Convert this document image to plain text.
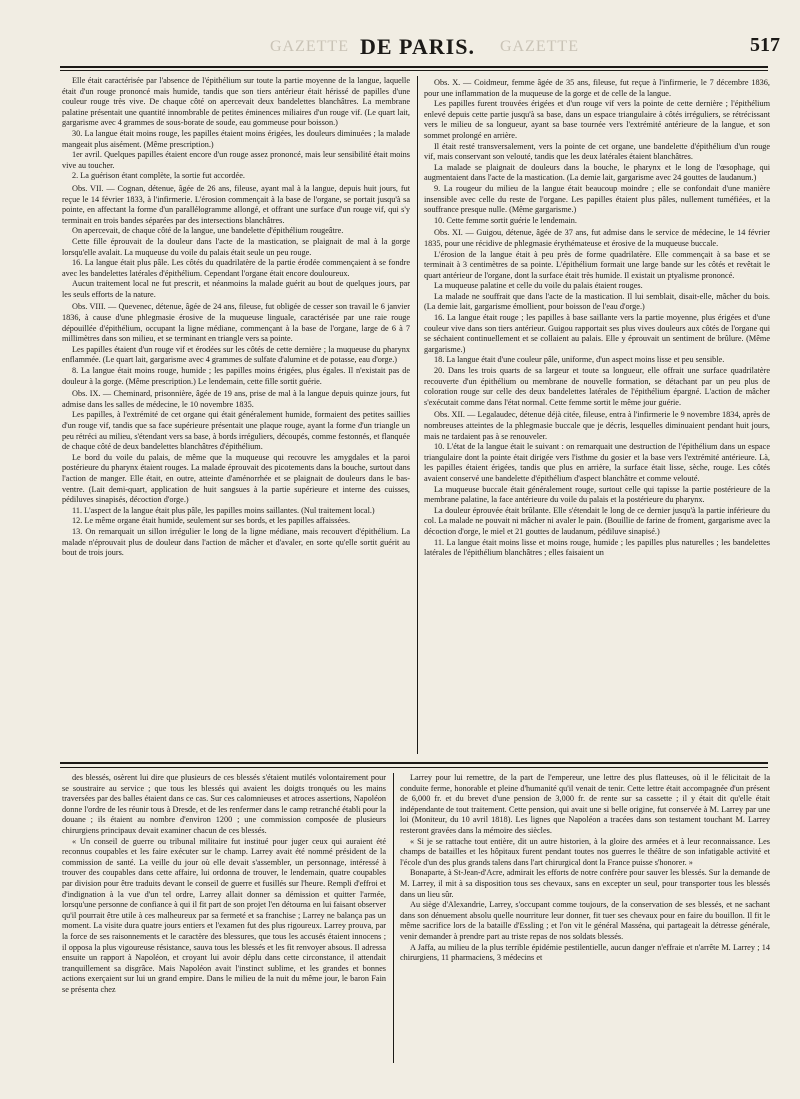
GAZETTE DE PARIS. GAZETTE	517

Elle était caractérisée par l'absence de l'épithélium sur toute la partie moyenne de la langue, laquelle était d'un rouge prononcé mais humide, tandis que son tiers antérieur était hérissé de papilles d'une couleur rouge très vive. De chaque côté on apercevait deux bandelettes blanchâtres. La membrane palatine présentait une quantité innombrable de petites éminences miliaires d'un rouge vif. (Le quart lait, gargarisme avec 4 grammes de sous-borate de soude, eau gommeuse pour boisson.)

30. La langue était moins rouge, les papilles étaient moins érigées, les douleurs diminuées ; la malade mangeait plus aisément. (Même prescription.)

1er avril. Quelques papilles étaient encore d'un rouge assez prononcé, mais leur sensibilité était moins vive au toucher.

2. La guérison étant complète, la sortie fut accordée.

Obs. VII. — Cognan, détenue, âgée de 26 ans, fileuse, ayant mal à la langue, depuis huit jours, fut reçue le 14 février 1833, à l'infirmerie. L'érosion commençait à la base de l'organe, se portait jusqu'à sa pointe, en affectant la forme d'un parallélogramme allongé, et offrant une surface d'un rouge vif, qui s'y terminait en trois bandes séparées par des intersections blanchâtres.

On apercevait, de chaque côté de la langue, une bandelette d'épithélium rougeâtre.

Cette fille éprouvait de la douleur dans l'acte de la mastication, se plaignait de mal à la gorge lorsqu'elle avalait. La muqueuse du voile du palais était seule un peu rouge.

16. La langue était plus pâle. Les côtés du quadrilatère de la partie érodée commençaient à se fondre avec les bandelettes latérales d'épithélium. Cependant l'organe était encore douloureux.

Aucun traitement local ne fut prescrit, et néanmoins la malade guérit au bout de quelques jours, par les seuls efforts de la nature.

Obs. VIII. — Quevenec, détenue, âgée de 24 ans, fileuse, fut obligée de cesser son travail le 6 janvier 1836, à cause d'une phlegmasie érosive de la muqueuse linguale, caractérisée par une raie rouge dépouillée d'épithélium, occupant la ligne médiane, commençant à la base de l'organe, large de 6 à 7 millimètres dans son milieu, et se terminant en triangle vers sa pointe.

Les papilles étaient d'un rouge vif et érodées sur les côtés de cette dernière ; la muqueuse du pharynx enflammée. (Le quart lait, gargarisme avec 4 grammes de sulfate d'alumine et de potasse, eau d'orge.)

8. La langue était moins rouge, humide ; les papilles moins érigées, plus égales. Il n'existait pas de douleur à la gorge. (Même prescription.) Le lendemain, cette fille sortit guérie.

Obs. IX. — Cheminard, prisonnière, âgée de 19 ans, prise de mal à la langue depuis quinze jours, fut admise dans les salles de médecine, le 10 novembre 1835.

Les papilles, à l'extrémité de cet organe qui était généralement humide, formaient des petites saillies d'un rouge vif, tandis que sa face supérieure présentait une plaque rouge, ayant la forme d'un triangle un peu rétréci au milieu, s'étendant vers sa base, à bords irréguliers, découpés, comme festonnés, et flanquée de chaque côté de deux bandelettes blanchâtres d'épithélium.

Le bord du voile du palais, de même que la muqueuse qui recouvre les amygdales et la paroi postérieure du pharynx étaient rouges. La malade éprouvait des picotements dans la bouche, surtout dans l'action de manger. Elle était, en outre, atteinte d'aménorrhée et se plaignait de douleurs dans le bas-ventre. (Lait demi-quart, application de huit sangsues à la partie supérieure et interne des cuisses, pédiluves sinapisés, décoction d'orge.)

11. L'aspect de la langue était plus pâle, les papilles moins saillantes. (Nul traitement local.)

12. Le même organe était humide, seulement sur ses bords, et les papilles affaissées.

13. On remarquait un sillon irrégulier le long de la ligne médiane, mais recouvert d'épithélium. La malade n'éprouvait plus de douleur dans l'action de mâcher et d'avaler, en sorte qu'elle sortit guérit au bout de trois jours.

Obs. X. — Coidmeur, femme âgée de 35 ans, fileuse, fut reçue à l'infirmerie, le 7 décembre 1836, pour une inflammation de la muqueuse de la gorge et de celle de la langue.

Les papilles furent trouvées érigées et d'un rouge vif vers la pointe de cette dernière ; l'épithélium enlevé depuis cette partie jusqu'à sa base, dans un espace triangulaire à côtés irréguliers, se rétrécissant vers le milieu de sa longueur, ayant sa base tournée vers l'extrémité antérieure de la langue, et son sommet prolongé en arrière.

Il était resté transversalement, vers la pointe de cet organe, une bandelette d'épithélium d'un rouge vif, mais conservant son velouté, tandis que les deux latérales étaient blanchâtres.

La malade se plaignait de douleurs dans la bouche, le pharynx et le long de l'œsophage, qui augmentaient dans l'acte de la mastication. (La demie lait, gargarisme avec 24 gouttes de laudanum.)

9. La rougeur du milieu de la langue était beaucoup moindre ; elle se confondait d'une manière insensible avec celle du reste de l'organe. Les papilles étaient plus pâles, nullement tuméfiées, et la souffrance presque nulle. (Même gargarisme.)

10. Cette femme sortit guérie le lendemain.

Obs. XI. — Guigou, détenue, âgée de 37 ans, fut admise dans le service de médecine, le 14 février 1835, pour une récidive de phlegmasie érythémateuse et érosive de la muqueuse buccale.

L'érosion de la langue était à peu près de forme quadrilatère. Elle commençait à sa base et se terminait à 3 centimètres de sa pointe. L'épithélium formait une large bande sur les côtés et revêtait le quart antérieur de l'organe, dont la surface était très humide. Il existait un ptyalisme prononcé.

La muqueuse palatine et celle du voile du palais étaient rouges.

La malade ne souffrait que dans l'acte de la mastication. Il lui semblait, disait-elle, mâcher du bois. (La demie lait, gargarisme émollient, pour boisson de l'eau d'orge.)

16. La langue était rouge ; les papilles à base saillante vers la partie moyenne, plus érigées et d'une couleur vive dans son tiers antérieur. Guigou rapportait ses plus vives douleurs aux côtés de l'organe qui se séchaient continuellement et se collaient au palais. Elle y éprouvait un sentiment de brûlure. (Même gargarisme.)

18. La langue était d'une couleur pâle, uniforme, d'un aspect moins lisse et peu sensible.

20. Dans les trois quarts de sa largeur et toute sa longueur, elle offrait une surface quadrilatère recouverte d'un épithélium ou membrane de nouvelle formation, se détachant par un peu plus de coloration rouge sur celle des deux bandelettes latérales de l'épithélium épargné. L'action de mâcher s'exécutait comme dans l'état normal. Cette femme sortit le même jour guérie.

Obs. XII. — Legalaudec, détenue déjà citée, fileuse, entra à l'infirmerie le 9 novembre 1834, après de nombreuses atteintes de la phlegmasie buccale que je décris, lesquelles diminuaient pendant huit jours, mais ne tardaient pas à se renouveler.

10. L'état de la langue était le suivant : on remarquait une destruction de l'épithélium dans un espace triangulaire dont la pointe était dirigée vers l'isthme du gosier et la base vers l'extrémité antérieure. Là, les papilles étaient érigées, tandis que plus en arrière, la surface était lisse, sèche, rouge. Les côtés avaient conservé une bandelette d'épithélium d'aspect blanchâtre et comme velouté.

La muqueuse buccale était généralement rouge, surtout celle qui tapisse la partie postérieure de la membrane palatine, la face antérieure du voile du palais et la postérieure du pharynx.

La douleur éprouvée était brûlante. Elle s'étendait le long de ce dernier jusqu'à la partie inférieure du col. La malade ne pouvait ni mâcher ni avaler le pain. (Bouillie de farine de froment, gargarisme avec la décoction d'orge, le miel et 21 gouttes de laudanum, pédiluve sinapisé.)

11. La langue était moins lisse et moins rouge, humide ; les papilles plus naturelles ; les bandelettes latérales de l'épithélium blanchâtres ; elles faisaient un

des blessés, osèrent lui dire que plusieurs de ces blessés s'étaient mutilés volontairement pour se soustraire au service ; que tous les blessés qui avaient les doigts tronqués ou les mains traversées par des balles étaient dans ce cas. Sur ces calomnieuses et atroces assertions, Napoléon donne l'ordre de les réunir tous à Dresde, et de les renfermer dans le camp retranché établi pour la douane ; ils étaient au nombre d'environ 1200 ; une commission composée de plusieurs chirurgiens principaux devait examiner chacun de ces blessés.

« Un conseil de guerre ou tribunal militaire fut institué pour juger ceux qui auraient été reconnus coupables et les faire exécuter sur le champ. Larrey avait été nommé président de la commission de santé. La veille du jour où elle devait s'assembler, un personnage, intéressé à trouver des coupables dans cette affaire, lui ordonna de trouver, le lendemain, quatre coupables par division pour être traduits devant le conseil de guerre et fusillés sur l'heure. Rempli d'effroi et d'indignation à la vue d'un tel ordre, Larrey allait donner sa démission et quitter l'armée, lorsqu'une personne de confiance à qui il fit part de son projet l'en détourna en lui faisant observer qu'il pourrait être utile à ces malheureux par sa fermeté et sa franchise ; Larrey ne balança pas un moment. La visite dura quatre jours entiers et l'examen fut des plus rigoureux. Larrey prouva, par la force de ses raisonnements et le caractère des blessures, que tous les accusés étaient innocens ; il opposa la plus vigoureuse résistance, sauva tous les blessés et les fit renvoyer absous. Il adressa ensuite un rapport à Napoléon, et croyant lui avoir déplu dans cette circonstance, il attendait tranquillement sa disgrâce. Mais Napoléon avait l'instinct sublime, et les grandes et bonnes actions exerçaient sur lui un grand empire. Dans le milieu de la nuit du même jour, le baron Fain se présenta chez

Larrey pour lui remettre, de la part de l'empereur, une lettre des plus flatteuses, où il le félicitait de la conduite ferme, honorable et pleine d'humanité qu'il venait de tenir. Cette lettre était accompagnée d'un présent de 6,000 fr. et du brevet d'une pension de 3,000 fr. de rente sur sa cassette ; il y était dit qu'elle était indépendante de tout traitement. Cette pension, qui avait une si belle origine, fut conservée à M. Larrey par une loi (Moniteur, du 10 avril 1818). Les lignes que Napoléon a tracées dans son testament touchant M. Larrey resteront gravées dans la mémoire des siècles.

« Si je se rattache tout entière, dit un autre historien, à la gloire des armées et à leur reconnaissance. Les champs de batailles et les hôpitaux furent pendant toutes nos guerres le théâtre de son infatigable activité et l'école d'un des plus grands talens dans l'art chirurgical dont la France puisse s'honorer. »

Bonaparte, à St-Jean-d'Acre, admirait les efforts de notre confrère pour sauver les blessés. Sur la demande de M. Larrey, il mit à sa disposition tous ses chevaux, sans en excepter un seul, pour transporter tous les blessés dans un lieu sûr.

Au siège d'Alexandrie, Larrey, s'occupant comme toujours, de la conservation de ses blessés, et ne sachant dans son dénuement absolu quelle nourriture leur donner, fit tuer ses chevaux pour en faire du bouillon. Il fit le même sacrifice lors de la bataille d'Essling ; et l'on vit le général Masséna, qui partageait la détresse générale, venir demander à prendre part au triste repas de nos soldats blessés.

A Jaffa, au milieu de la plus terrible épidémie pestilentielle, aucun danger n'effraie et n'arrête M. Larrey ; 14 chirurgiens, 11 pharmaciens, 3 médecins et
